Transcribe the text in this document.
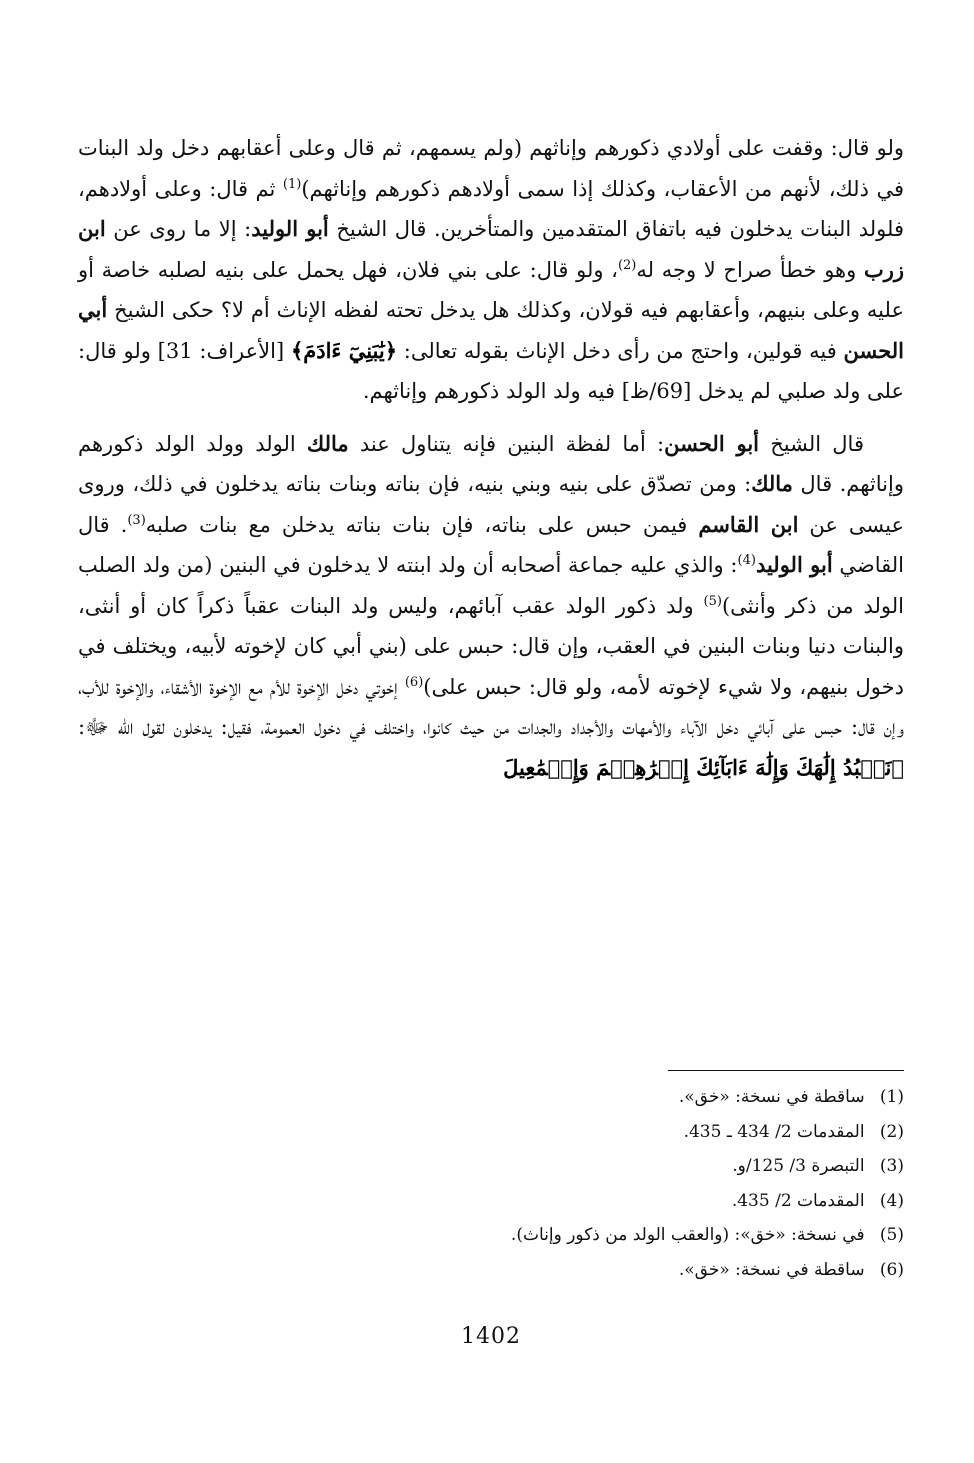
ولو قال: وقفت على أولادي ذكورهم وإناثهم (ولم يسمهم، ثم قال وعلى أعقابهم دخل ولد البنات في ذلك، لأنهم من الأعقاب، وكذلك إذا سمى أولادهم ذكورهم وإناثهم)$^{(1)}$ ثم قال: وعلى أولادهم، فلولد البنات يدخلون فيه باتفاق المتقدمين والمتأخرين. قال الشيخ أبو الوليد: إلا ما روى عن ابن زرب وهو خطأ صراح لا وجه له$^{(2)}$، ولو قال: على بني فلان، فهل يحمل على بنيه لصلبه خاصة أو عليه وعلى بنيهم، وأعقابهم فيه قولان، وكذلك هل يدخل تحته لفظه الإناث أم لا؟ حكى الشيخ أبي الحسن فيه قولين، واحتج من رأى دخل الإناث بقوله تعالى: ﴿يَٰبَنِيٓ ءَادَمَ﴾ [الأعراف: 31] ولو قال: على ولد صلبي لم يدخل [69/ظ] فيه ولد الولد ذكورهم وإناثهم.

قال الشيخ أبو الحسن: أما لفظة البنين فإنه يتناول عند مالك الولد وولد الولد ذكورهم وإناثهم. قال مالك: ومن تصدّق على بنيه وبني بنيه، فإن بناته وبنات بناته يدخلون في ذلك، وروى عيسى عن ابن القاسم فيمن حبس على بناته، فإن بنات بناته يدخلن مع بنات صلبه$^{(3)}$. قال القاضي أبو الوليد$^{(4)}$: والذي عليه جماعة أصحابه أن ولد ابنته لا يدخلون في البنين (من ولد الصلب الولد من ذكر وأنثى)$^{(5)}$ ولد ذكور الولد عقب آبائهم، وليس ولد البنات عقباً ذكراً كان أو أنثى، والبنات دنيا وبنات البنين في العقب، وإن قال: حبس على (بني أبي كان لإخوته لأبيه، ويختلف في دخول بنيهم، ولا شيء لإخوته لأمه، ولو قال: حبس على)$^{(6)}$ إخوتي دخل الإخوة للأم مع الإخوة الأشقاء، والإخوة للأب، وإن قال: حبس على آبائي دخل الآباء والأمهات والأجداد والجدات من حيث كانوا، واختلف في دخول العمومة، فقيل: يدخلون لقول الله ﷻ: ﴿نَعۡبُدُ إِلَٰهَكَ وَإِلَٰهَ ءَابَآئِكَ إِبۡرَٰهِـۧمَ وَإِسۡمَٰعِيلَ

(1) ساقطة في نسخة: «خق».
(2) المقدمات 2/ 434 ـ 435.
(3) التبصرة 3/ 125/و.
(4) المقدمات 2/ 435.
(5) في نسخة: «خق»: (والعقب الولد من ذكور وإناث).
(6) ساقطة في نسخة: «خق».
1402
